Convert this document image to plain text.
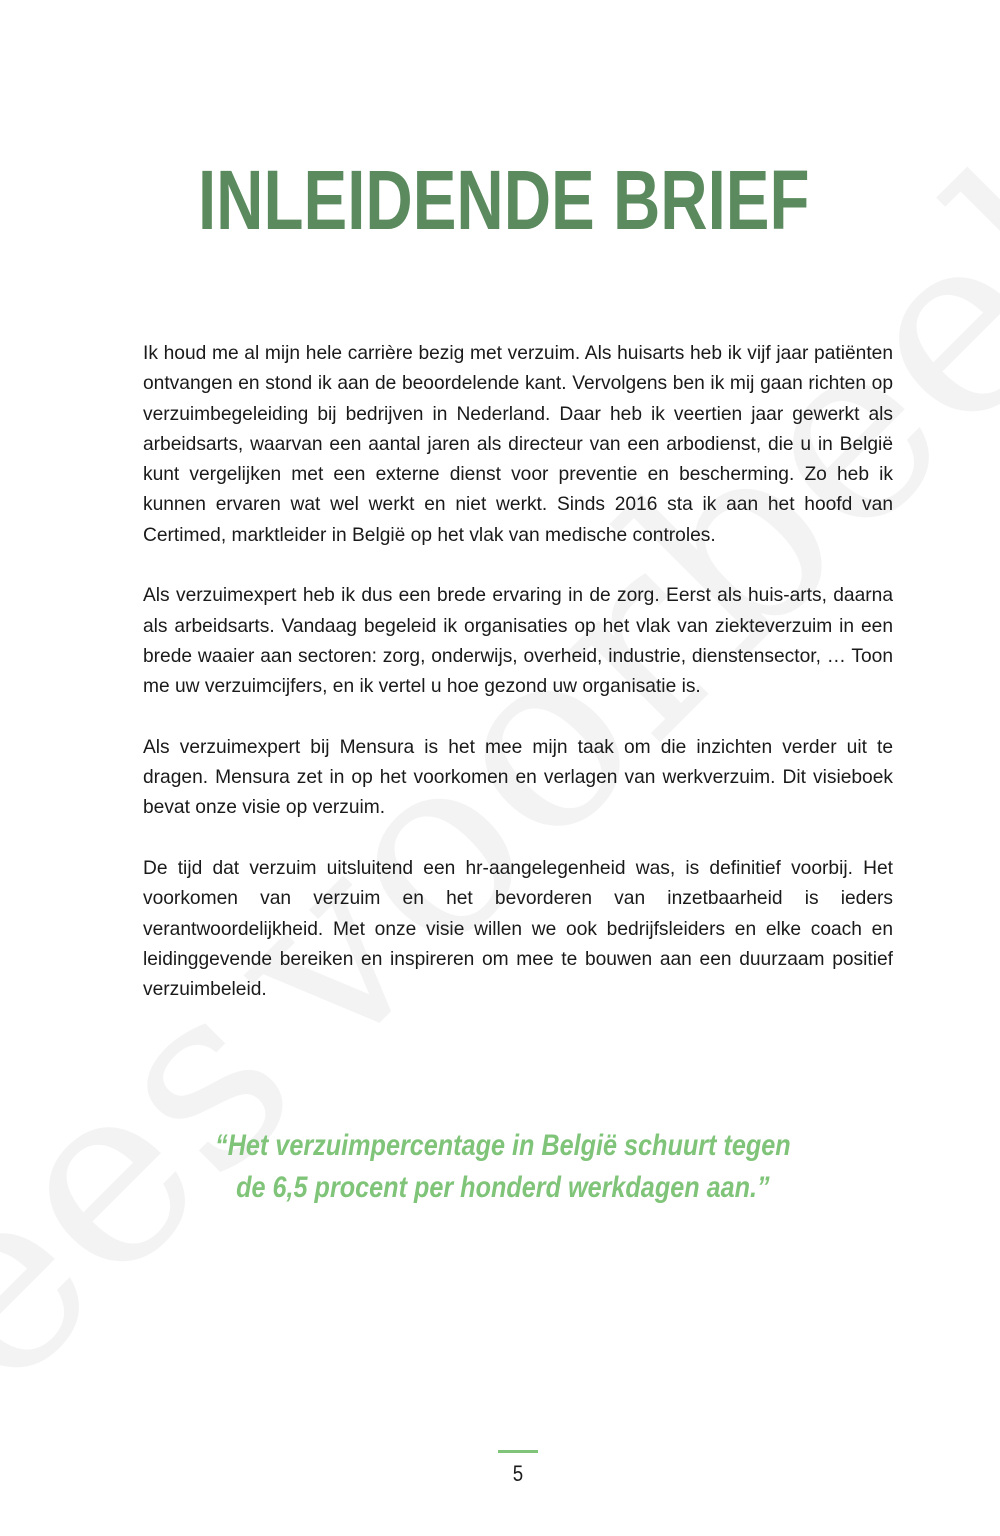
INLEIDENDE BRIEF

Ik houd me al mijn hele carrière bezig met verzuim. Als huisarts heb ik vijf jaar patiënten ontvangen en stond ik aan de beoordelende kant. Vervolgens ben ik mij gaan richten op verzuimbegeleiding bij bedrijven in Nederland. Daar heb ik veertien jaar gewerkt als arbeidsarts, waarvan een aantal jaren als directeur van een arbodienst, die u in België kunt vergelijken met een externe dienst voor preventie en bescherming. Zo heb ik kunnen ervaren wat wel werkt en niet werkt. Sinds 2016 sta ik aan het hoofd van Certimed, marktleider in België op het vlak van medische controles.

Als verzuimexpert heb ik dus een brede ervaring in de zorg. Eerst als huis-arts, daarna als arbeidsarts. Vandaag begeleid ik organisaties op het vlak van ziekteverzuim in een brede waaier aan sectoren: zorg, onderwijs, overheid, industrie, dienstensector, … Toon me uw verzuimcijfers, en ik vertel u hoe gezond uw organisatie is.

Als verzuimexpert bij Mensura is het mee mijn taak om die inzichten verder uit te dragen. Mensura zet in op het voorkomen en verlagen van werkverzuim. Dit visieboek bevat onze visie op verzuim.

De tijd dat verzuim uitsluitend een hr-aangelegenheid was, is definitief voorbij. Het voorkomen van verzuim en het bevorderen van inzetbaarheid is ieders verantwoordelijkheid. Met onze visie willen we ook bedrijfsleiders en elke coach en leidinggevende bereiken en inspireren om mee te bouwen aan een duurzaam positief verzuimbeleid.

“Het verzuimpercentage in België schuurt tegen
de 6,5 procent per honderd werkdagen aan.”
5
